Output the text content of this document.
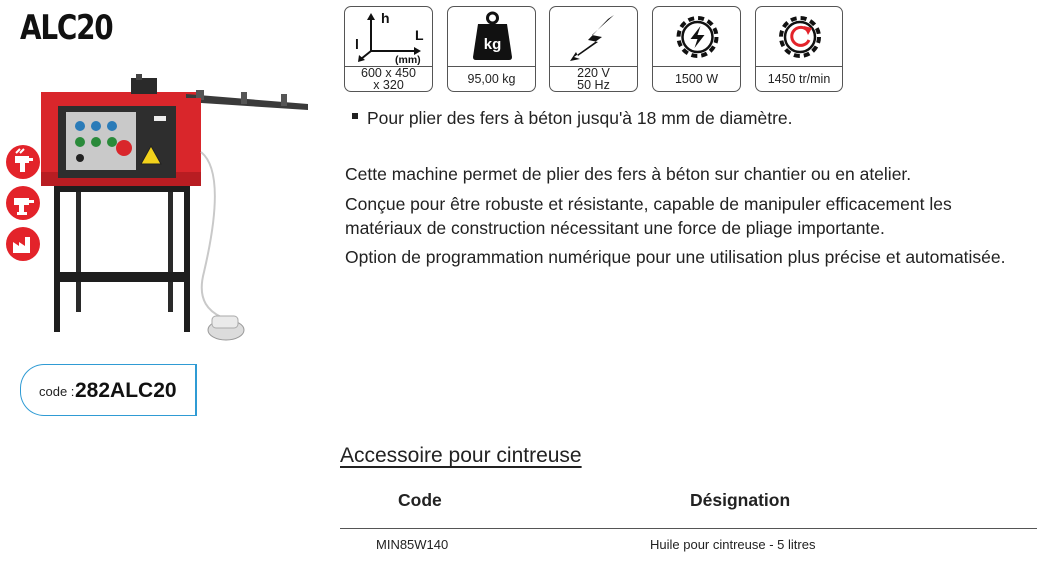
ALC20
code : 282ALC20
h
l
L
(mm)
600 x 450
x 320
kg
95,00 kg	220 V
50 Hz	1500 W	1450 tr/min
Pour plier des fers à béton jusqu'à 18 mm de diamètre.
Cette machine permet de plier des fers à béton sur chantier ou en atelier.
Conçue pour être robuste et résistante, capable de manipuler efficacement les matériaux de construction nécessitant une force de pliage importante.
Option de programmation numérique pour une utilisation plus précise et automatisée.
Accessoire pour cintreuse
Code	Désignation
MIN85W140	Huile pour cintreuse - 5 litres
